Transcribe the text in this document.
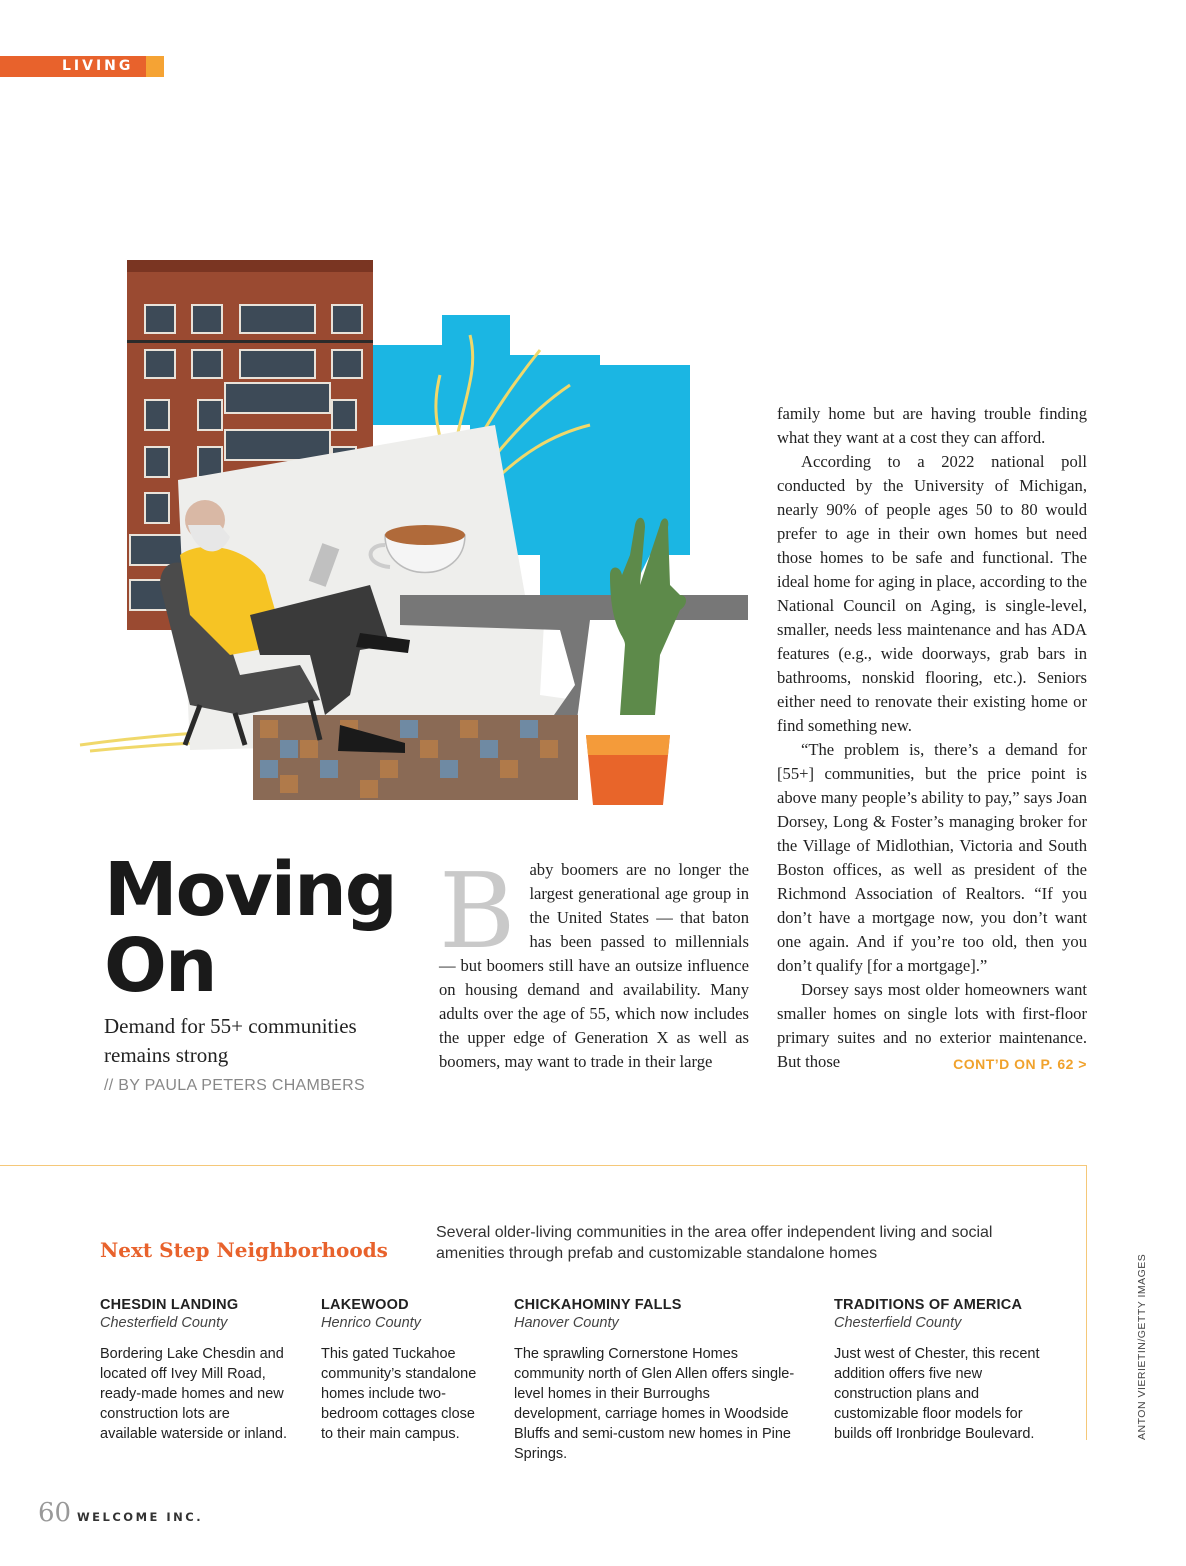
LIVING
Moving
On
Demand for 55+ communities remains strong
// BY PAULA PETERS CHAMBERS

Baby boomers are no longer the largest generational age group in the United States — that baton has been passed to millennials — but boomers still have an outsize influence on housing demand and availability. Many adults over the age of 55, which now includes the upper edge of Generation X as well as boomers, may want to trade in their large

family home but are having trouble finding what they want at a cost they can afford.

According to a 2022 national poll conducted by the University of Michigan, nearly 90% of people ages 50 to 80 would prefer to age in their own homes but need those homes to be safe and functional. The ideal home for aging in place, according to the National Council on Aging, is single-level, smaller, needs less maintenance and has ADA features (e.g., wide doorways, grab bars in bathrooms, nonskid flooring, etc.). Seniors either need to renovate their existing home or find something new.

“The problem is, there’s a demand for [55+] communities, but the price point is above many people’s ability to pay,” says Joan Dorsey, Long & Foster’s managing broker for the Village of Midlothian, Victoria and South Boston offices, as well as president of the Richmond Association of Realtors. “If you don’t have a mortgage now, you don’t want one again. And if you’re too old, then you don’t qualify [for a mortgage].”

Dorsey says most older homeowners want smaller homes on single lots with first-floor primary suites and no exterior maintenance. But those	CONT’D ON P. 62 >

Next Step Neighborhoods
Several older-living communities in the area offer independent living and social amenities through prefab and customizable standalone homes
CHESDIN LANDING
Chesterfield County
Bordering Lake Chesdin and located off Ivey Mill Road, ready-made homes and new construction lots are available waterside or inland.
LAKEWOOD
Henrico County
This gated Tuckahoe community’s standalone homes include two-bedroom cottages close to their main campus.
CHICKAHOMINY FALLS
Hanover County
The sprawling Cornerstone Homes community north of Glen Allen offers single-level homes in their Burroughs development, carriage homes in Woodside Bluffs and semi-custom new homes in Pine Springs.
TRADITIONS OF AMERICA
Chesterfield County
Just west of Chester, this recent addition offers five new construction plans and customizable floor models for builds off Ironbridge Boulevard.	ANTON VIERIETIN/GETTY IMAGES
60 WELCOME INC.
